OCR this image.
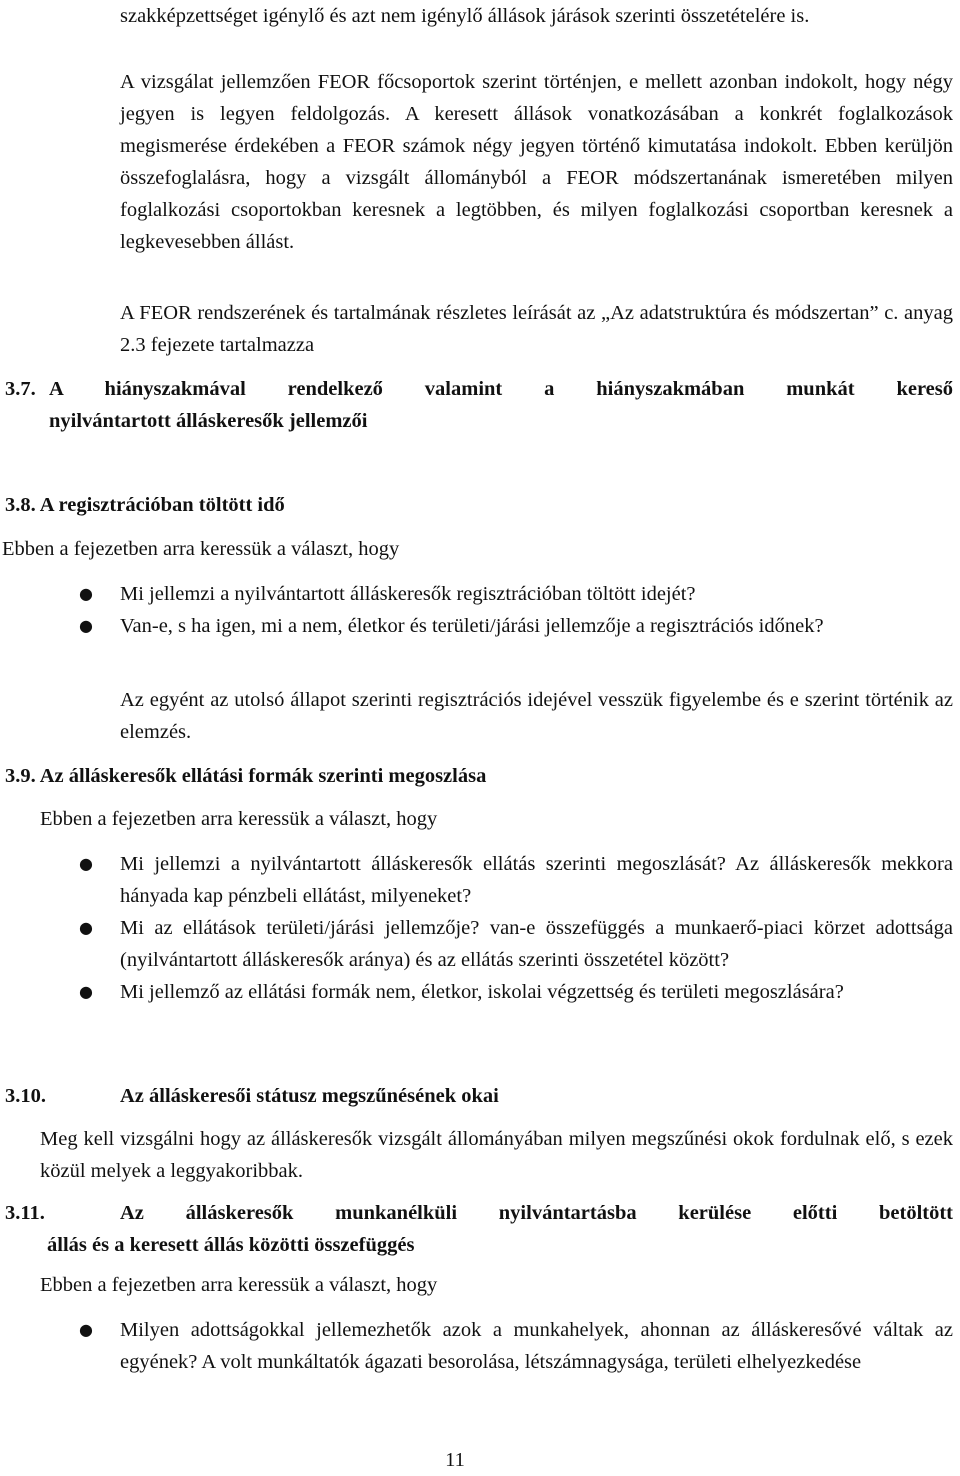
szakképzettséget igénylő és azt nem igénylő állások járások szerinti összetételére is.

A vizsgálat jellemzően FEOR főcsoportok szerint történjen, e mellett azonban indokolt, hogy négy jegyen is legyen feldolgozás. A keresett állások vonatkozásában a konkrét foglalkozások megismerése érdekében a FEOR számok négy jegyen történő kimutatása indokolt. Ebben kerüljön összefoglalásra, hogy a vizsgált állományból a FEOR módszertanának ismeretében milyen foglalkozási csoportokban keresnek a legtöbben, és milyen foglalkozási csoportban keresnek a legkevesebben állást.

A FEOR rendszerének és tartalmának részletes leírását az „Az adatstruktúra és módszertan” c. anyag 2.3 fejezete tartalmazza

3.7. A hiányszakmával rendelkező valamint a hiányszakmában munkát kereső
nyilvántartott álláskeresők jellemzői
3.8. A regisztrációban töltött idő

Ebben a fejezetben arra keressük a választ, hogy

●	Mi jellemzi a nyilvántartott álláskeresők regisztrációban töltött idejét?
●	Van-e, s ha igen, mi a nem, életkor és területi/járási jellemzője a regisztrációs időnek?

Az egyént az utolsó állapot szerinti regisztrációs idejével vesszük figyelembe és e szerint történik az elemzés.

3.9. Az álláskeresők ellátási formák szerinti megoszlása

Ebben a fejezetben arra keressük a választ, hogy

●	Mi jellemzi a nyilvántartott álláskeresők ellátás szerinti megoszlását? Az álláskeresők mekkora hányada kap pénzbeli ellátást, milyeneket?
●	Mi az ellátások területi/járási jellemzője? van-e összefüggés a munkaerő-piaci körzet adottsága (nyilvántartott álláskeresők aránya) és az ellátás szerinti összetétel között?
●	Mi jellemző az ellátási formák nem, életkor, iskolai végzettség és területi megoszlására?
3.10.	Az álláskeresői státusz megszűnésének okai

Meg kell vizsgálni hogy az álláskeresők vizsgált állományában milyen megszűnési okok fordulnak elő, s ezek közül melyek a leggyakoribbak.

3.11.	Az álláskeresők munkanélküli nyilvántartásba kerülése előtti betöltött
állás és a keresett állás közötti összefüggés

Ebben a fejezetben arra keressük a választ, hogy

●	Milyen adottságokkal jellemezhetők azok a munkahelyek, ahonnan az álláskeresővé váltak az egyének? A volt munkáltatók ágazati besorolása, létszámnagysága, területi elhelyezkedése
11
